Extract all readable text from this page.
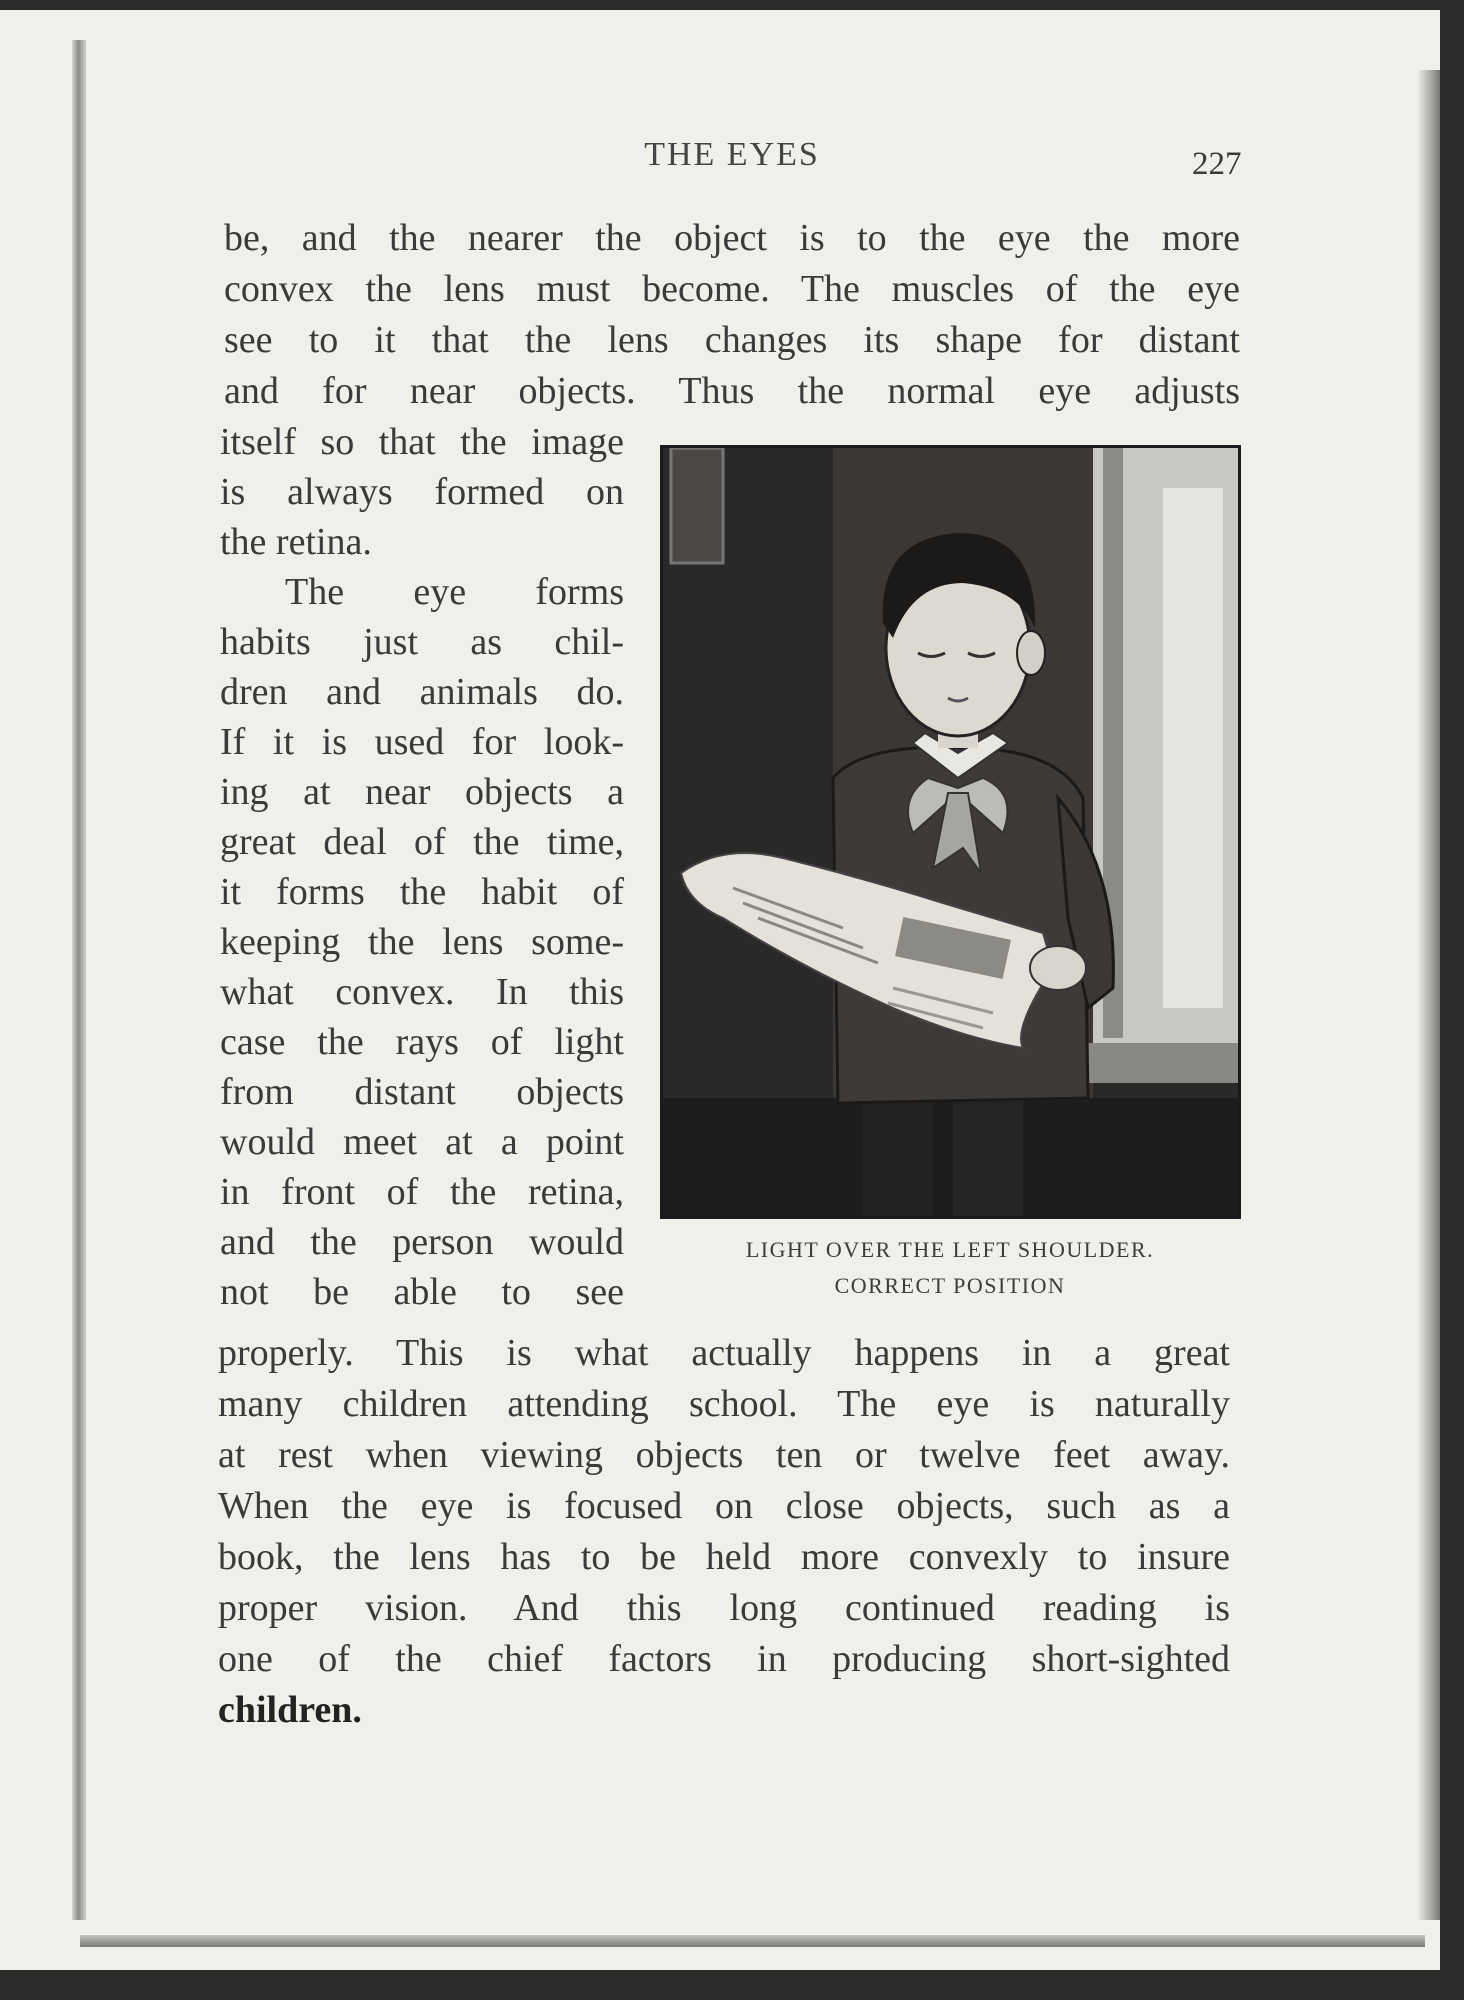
THE EYES	227
be, and the nearer the object is to the eye the more
convex the lens must become. The muscles of the eye
see to it that the lens changes its shape for distant
and for near objects. Thus the normal eye adjusts
itself so that the image
is always formed on
the retina.
The eye forms
habits just as chil-
dren and animals do.
If it is used for look-
ing at near objects a
great deal of the time,
it forms the habit of
keeping the lens some-
what convex. In this
case the rays of light
from distant objects
would meet at a point
in front of the retina,
and the person would
not be able to see
properly. This is what actually happens in a great
many children attending school. The eye is naturally
at rest when viewing objects ten or twelve feet away.
When the eye is focused on close objects, such as a
book, the lens has to be held more convexly to insure
proper vision. And this long continued reading is
one of the chief factors in producing short-sighted
children.
LIGHT OVER THE LEFT SHOULDER.
CORRECT POSITION
